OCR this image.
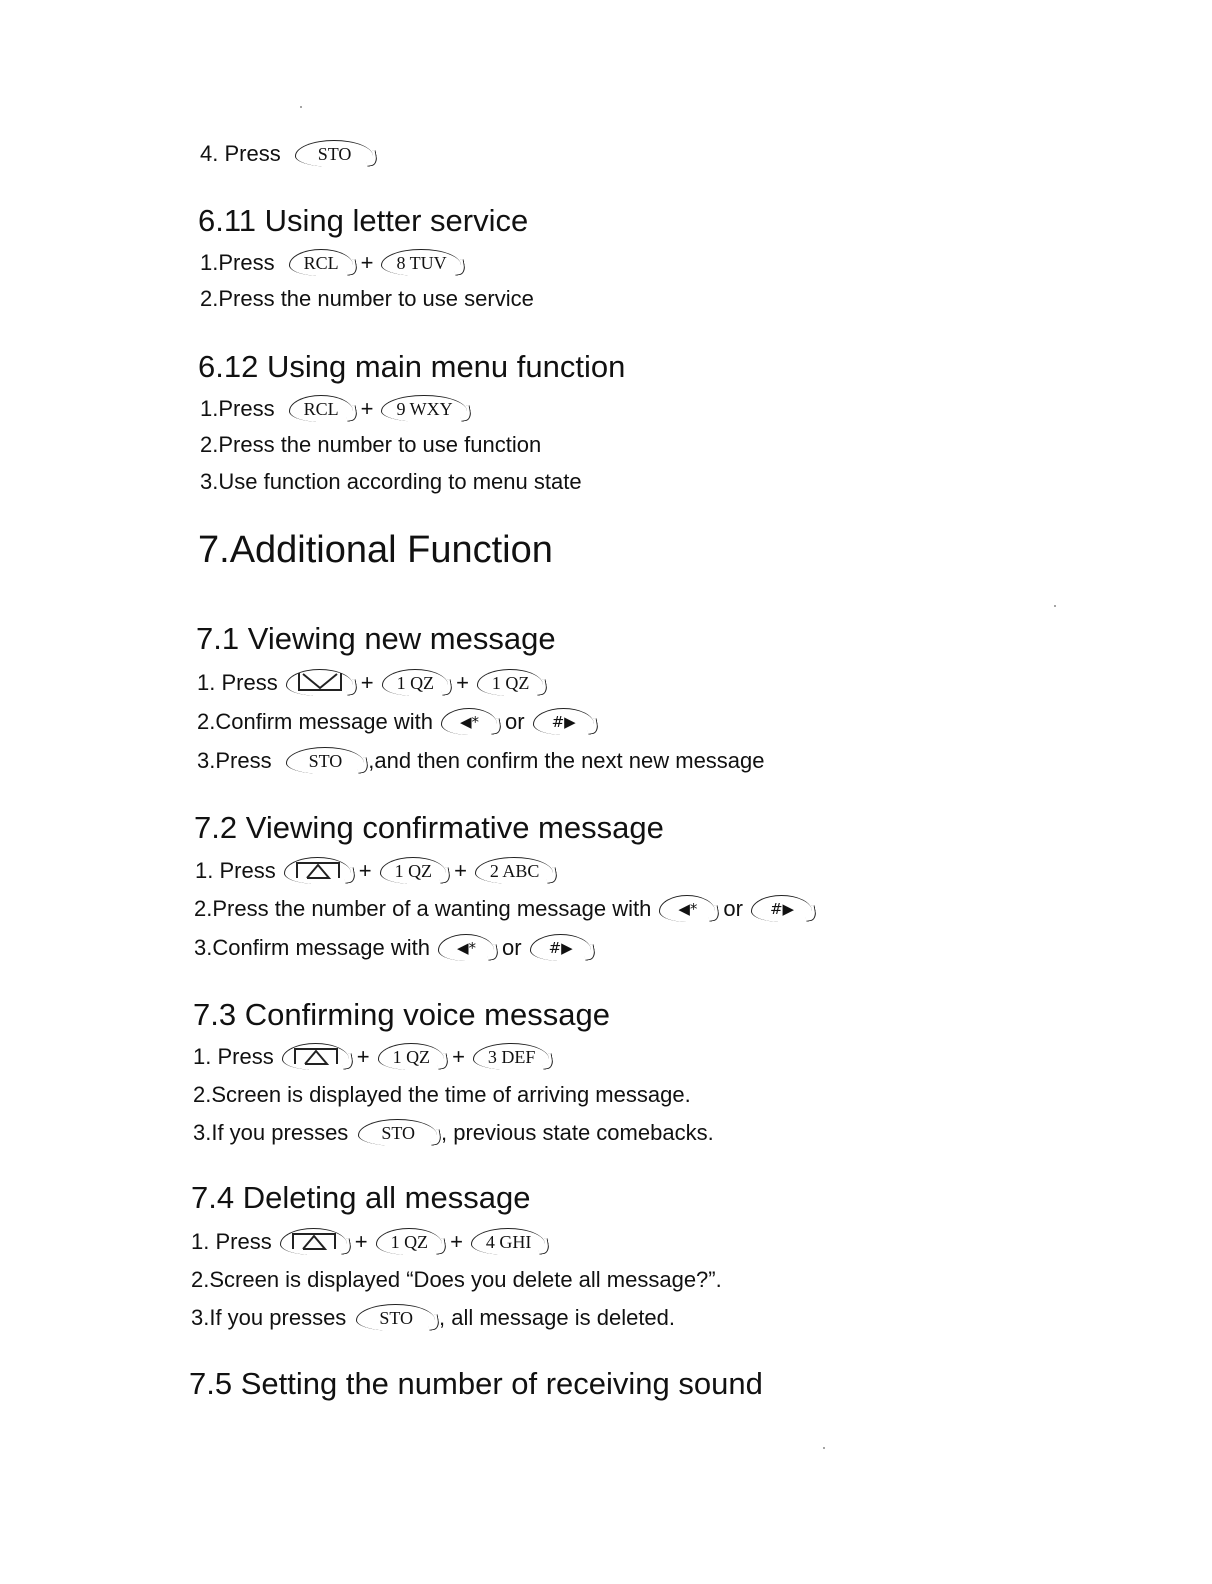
4. Press	STO
6.11 Using letter service
1.Press	RCL	+	8 TUV
2.Press the number to use service
6.12 Using main menu function
1.Press	RCL	+	9 WXY
2.Press the number to use function
3.Use function according to menu state
7.Additional Function
7.1 Viewing new message
1. Press	+	1 QZ	+	1 QZ
2.Confirm message with	◀*	or	#▶
3.Press	STO	,and then confirm the next new message
7.2 Viewing confirmative message
1. Press	+	1 QZ	+	2 ABC
2.Press the number of a wanting message with	◀*	or	#▶
3.Confirm message with	◀*	or	#▶
7.3 Confirming voice message
1. Press	+	1 QZ	+	3 DEF
2.Screen is displayed the time of arriving message.
3.If you presses	STO	, previous state comebacks.
7.4 Deleting all message
1. Press	+	1 QZ	+	4 GHI
2.Screen is displayed “Does you delete all message?”.
3.If you presses	STO	, all message is deleted.
7.5 Setting the number of receiving sound
